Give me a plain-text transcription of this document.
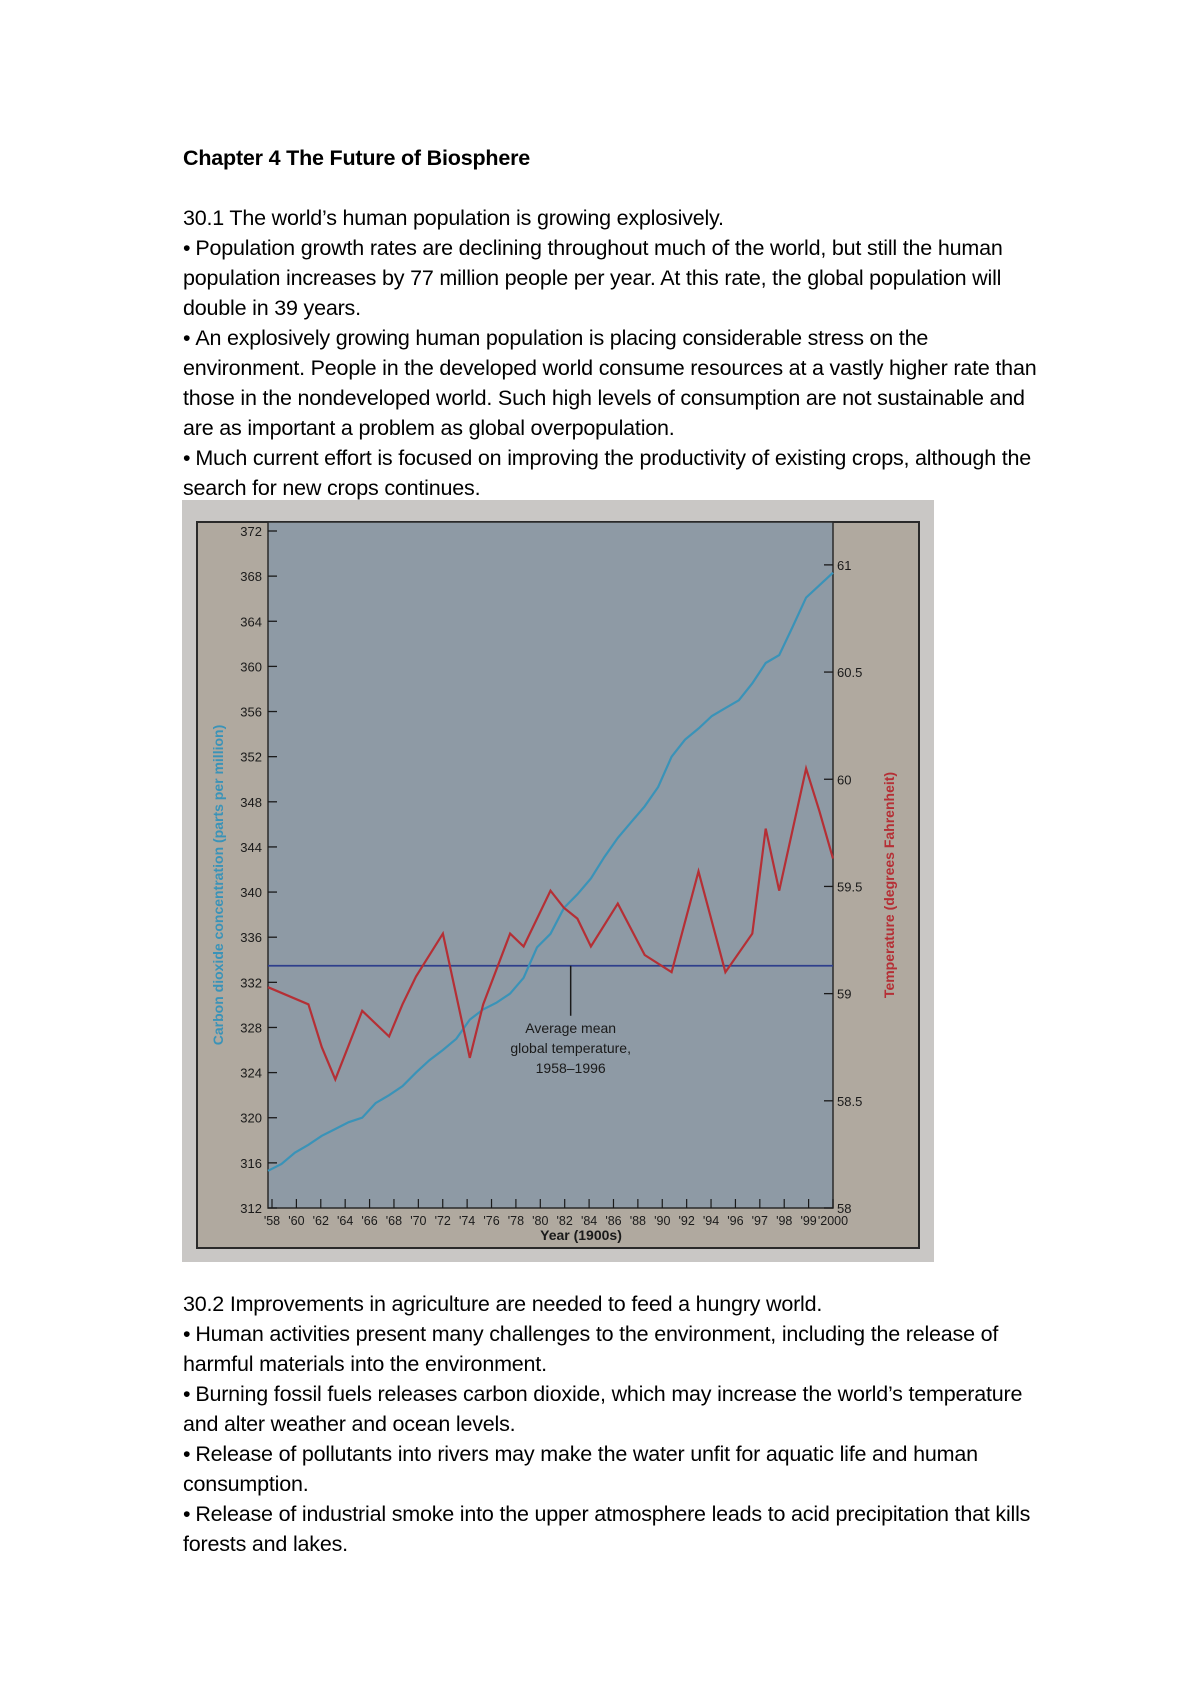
Chapter 4 The Future of Biosphere

30.1 The world’s human population is growing explosively.

• Population growth rates are declining throughout much of the world, but still the human population increases by 77 million people per year. At this rate, the global population will double in 39 years.

• An explosively growing human population is placing considerable stress on the environment. People in the developed world consume resources at a vastly higher rate than those in the nondeveloped world. Such high levels of consumption are not sustainable and are as important a problem as global overpopulation.

• Much current effort is focused on improving the productivity of existing crops, although the search for new crops continues.

312
316
320
324
328
332
336
340
344
348
352
356
360
364
368
372
58
58.5
59
59.5
60
60.5
61
'58 '60 '62 '64 '66 '68 '70 '72 '74 '76 '78 '80 '82 '84 '86 '88 '90 '92 '94 '96 '97 '98 '99 '2000
Average mean
global temperature,
1958–1996
Year (1900s)
Carbon dioxide concentration (parts per million)	Temperature (degrees Fahrenheit)

30.2 Improvements in agriculture are needed to feed a hungry world.

• Human activities present many challenges to the environment, including the release of harmful materials into the environment.

• Burning fossil fuels releases carbon dioxide, which may increase the world’s temperature and alter weather and ocean levels.

• Release of pollutants into rivers may make the water unfit for aquatic life and human consumption.

• Release of industrial smoke into the upper atmosphere leads to acid precipitation that kills forests and lakes.
